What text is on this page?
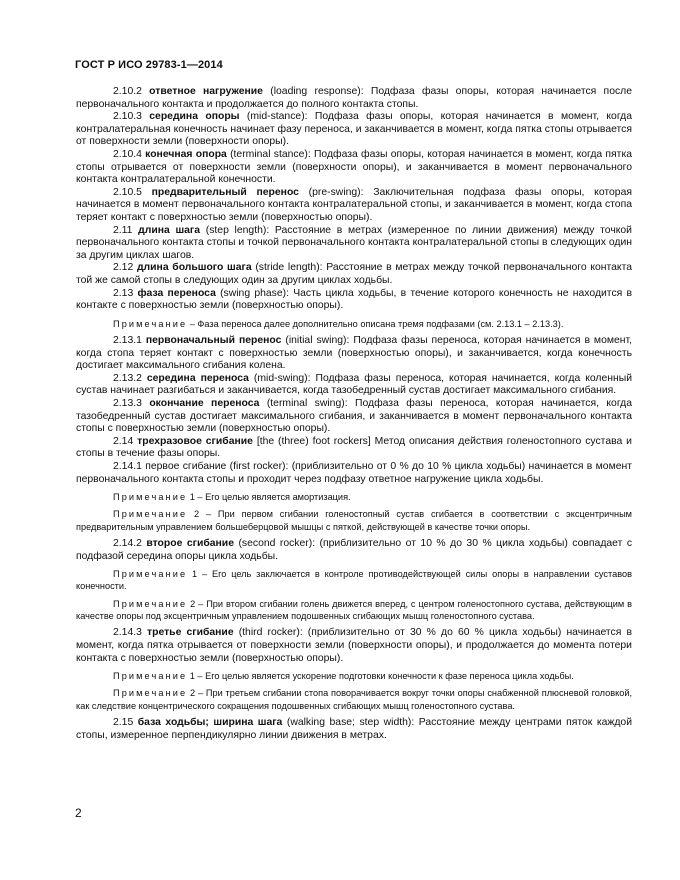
ГОСТ Р ИСО 29783-1—2014

2.10.2 ответное нагружение (loading response): Подфаза фазы опоры, которая начинается после первоначального контакта и продолжается до полного контакта стопы.

2.10.3 середина опоры (mid-stance): Подфаза фазы опоры, которая начинается в момент, когда контралатеральная конечность начинает фазу переноса, и заканчивается в момент, когда пятка стопы отрывается от поверхности земли (поверхности опоры).

2.10.4 конечная опора (terminal stance): Подфаза фазы опоры, которая начинается в момент, когда пятка стопы отрывается от поверхности земли (поверхности опоры), и заканчивается в момент первоначального контакта контралатеральной конечности.

2.10.5 предварительный перенос (pre-swing): Заключительная подфаза фазы опоры, которая начинается в момент первоначального контакта контралатеральной стопы, и заканчивается в момент, когда стопа теряет контакт с поверхностью земли (поверхностью опоры).

2.11 длина шага (step length): Расстояние в метрах (измеренное по линии движения) между точкой первоначального контакта стопы и точкой первоначального контакта контралатеральной стопы в следующих один за другим циклах шагов.

2.12 длина большого шага (stride length): Расстояние в метрах между точкой первоначального контакта той же самой стопы в следующих один за другим циклах ходьбы.

2.13 фаза переноса (swing phase): Часть цикла ходьбы, в течение которого конечность не находится в контакте с поверхностью земли (поверхностью опоры).

Примечание – Фаза переноса далее дополнительно описана тремя подфазами (см. 2.13.1 – 2.13.3).

2.13.1 первоначальный перенос (initial swing): Подфаза фазы переноса, которая начинается в момент, когда стопа теряет контакт с поверхностью земли (поверхностью опоры), и заканчивается, когда конечность достигает максимального сгибания колена.

2.13.2 середина переноса (mid-swing): Подфаза фазы переноса, которая начинается, когда коленный сустав начинает разгибаться и заканчивается, когда тазобедренный сустав достигает максимального сгибания.

2.13.3 окончание переноса (terminal swing): Подфаза фазы переноса, которая начинается, когда тазобедренный сустав достигает максимального сгибания, и заканчивается в момент первоначального контакта стопы с поверхностью земли (поверхностью опоры).

2.14 трехразовое сгибание [the (three) foot rockers] Метод описания действия голеностопного сустава и стопы в течение фазы опоры.

2.14.1 первое сгибание (first rocker): (приблизительно от 0 % до 10 % цикла ходьбы) начинается в момент первоначального контакта стопы и проходит через подфазу ответное нагружение цикла ходьбы.

Примечание 1 – Его целью является амортизация.

Примечание 2 – При первом сгибании голеностопный сустав сгибается в соответствии с эксцентричным предварительным управлением большеберцовой мышцы с пяткой, действующей в качестве точки опоры.

2.14.2 второе сгибание (second rocker): (приблизительно от 10 % до 30 % цикла ходьбы) совпадает с подфазой середина опоры цикла ходьбы.

Примечание 1 – Его цель заключается в контроле противодействующей силы опоры в направлении суставов конечности.

Примечание 2 – При втором сгибании голень движется вперед, с центром голеностопного сустава, действующим в качестве опоры под эксцентричным управлением подошвенных сгибающих мышц голеностопного сустава.

2.14.3 третье сгибание (third rocker): (приблизительно от 30 % до 60 % цикла ходьбы) начинается в момент, когда пятка отрывается от поверхности земли (поверхности опоры), и продолжается до момента потери контакта с поверхностью земли (поверхностью опоры).

Примечание 1 – Его целью является ускорение подготовки конечности к фазе переноса цикла ходьбы.

Примечание 2 – При третьем сгибании стопа поворачивается вокруг точки опоры снабженной плюсневой головкой, как следствие концентрического сокращения подошвенных сгибающих мышц голеностопного сустава.

2.15 база ходьбы; ширина шага (walking base; step width): Расстояние между центрами пяток каждой стопы, измеренное перпендикулярно линии движения в метрах.

2
